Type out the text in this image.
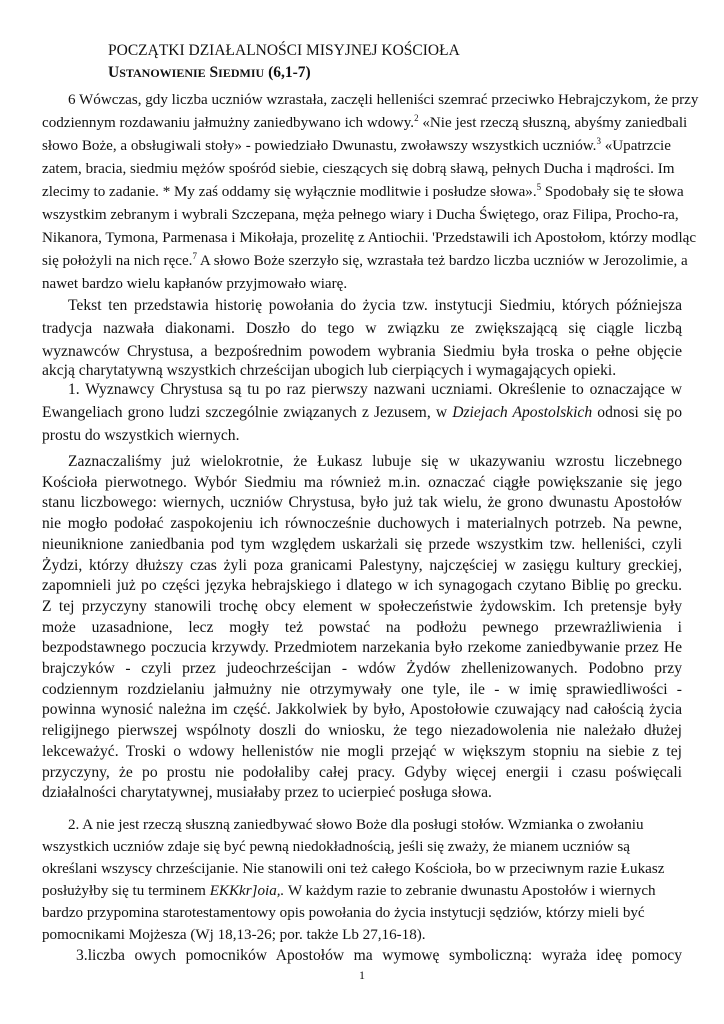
POCZĄTKI DZIAŁALNOŚCI MISYJNEJ KOŚCIOŁA
USTANOWIENIE SIEDMIU (6,1-7)
6 Wówczas, gdy liczba uczniów wzrastała, zaczęli helleniści szemrać przeciwko Hebrajczykom, że przy
codziennym rozdawaniu jałmużny zaniedbywano ich wdowy.$^2$ «Nie jest rzeczą słuszną, abyśmy zaniedbali
słowo Boże, a obsługiwali stoły» - powiedziało Dwunastu, zwoławszy wszystkich uczniów.$^3$ «Upatrzcie
zatem, bracia, siedmiu mężów spośród siebie, cieszących się dobrą sławą, pełnych Ducha i mądrości. Im
zlecimy to zadanie. * My zaś oddamy się wyłącznie modlitwie i posłudze słowa».$^5$ Spodobały się te słowa
wszystkim zebranym i wybrali Szczepana, męża pełnego wiary i Ducha Świętego, oraz Filipa, Procho-ra,
Nikanora, Tymona, Parmenasa i Mikołaja, prozelitę z Antiochii. 'Przedstawili ich Apostołom, którzy modląc
się położyli na nich ręce.$^7$ A słowo Boże szerzyło się, wzrastała też bardzo liczba uczniów w Jerozolimie, a
nawet bardzo wielu kapłanów przyjmowało wiarę.
Tekst ten przedstawia historię powołania do życia tzw. instytucji Siedmiu, których późniejsza
tradycja nazwała diakonami. Doszło do tego w związku ze zwiększającą się ciągle liczbą
wyznawców Chrystusa, a bezpośrednim powodem wybrania Siedmiu była troska o pełne objęcie
akcją charytatywną wszystkich chrześcijan ubogich lub cierpiących i wymagających opieki.
1. Wyznawcy Chrystusa są tu po raz pierwszy nazwani uczniami. Określenie to oznaczające w
Ewangeliach grono ludzi szczególnie związanych z Jezusem, w Dziejach Apostolskich odnosi się po
prostu do wszystkich wiernych.
Zaznaczaliśmy już wielokrotnie, że Łukasz lubuje się w ukazywaniu wzrostu liczebnego
Kościoła pierwotnego. Wybór Siedmiu ma również m.in. oznaczać ciągłe powiększanie się jego
stanu liczbowego: wiernych, uczniów Chrystusa, było już tak wielu, że grono dwunastu Apostołów
nie mogło podołać zaspokojeniu ich równocześnie duchowych i materialnych potrzeb. Na pewne,
nieuniknione zaniedbania pod tym względem uskarżali się przede wszystkim tzw. helleniści, czyli
Żydzi, którzy dłuższy czas żyli poza granicami Palestyny, najczęściej w zasięgu kultury greckiej,
zapomnieli już po części języka hebrajskiego i dlatego w ich synagogach czytano Biblię po grecku.
Z tej przyczyny stanowili trochę obcy element w społeczeństwie żydowskim. Ich pretensje były
może uzasadnione, lecz mogły też powstać na podłożu pewnego przewrażliwienia i
bezpodstawnego poczucia krzywdy. Przedmiotem narzekania było rzekome zaniedbywanie przez He
brajczyków - czyli przez judeochrześcijan - wdów Żydów zhellenizowanych. Podobno przy
codziennym rozdzielaniu jałmużny nie otrzymywały one tyle, ile - w imię sprawiedliwości -
powinna wynosić należna im część. Jakkolwiek by było, Apostołowie czuwający nad całością życia
religijnego pierwszej wspólnoty doszli do wniosku, że tego niezadowolenia nie należało dłużej
lekceważyć. Troski o wdowy hellenistów nie mogli przejąć w większym stopniu na siebie z tej
przyczyny, że po prostu nie podołaliby całej pracy. Gdyby więcej energii i czasu poświęcali
działalności charytatywnej, musiałaby przez to ucierpieć posługa słowa.
1
2. A nie jest rzeczą słuszną zaniedbywać słowo Boże dla posługi stołów. Wzmianka o zwołaniu
wszystkich uczniów zdaje się być pewną niedokładnością, jeśli się zważy, że mianem uczniów są
określani wszyscy chrześcijanie. Nie stanowili oni też całego Kościoła, bo w przeciwnym razie Łukasz
posłużyłby się tu terminem EKKkr]oia,. W każdym razie to zebranie dwunastu Apostołów i wiernych
bardzo przypomina starotestamentowy opis powołania do życia instytucji sędziów, którzy mieli być
pomocnikami Mojżesza (Wj 18,13-26; por. także Lb 27,16-18).
3.liczba owych pomocników Apostołów ma wymowę symboliczną: wyraża ideę pomocy
